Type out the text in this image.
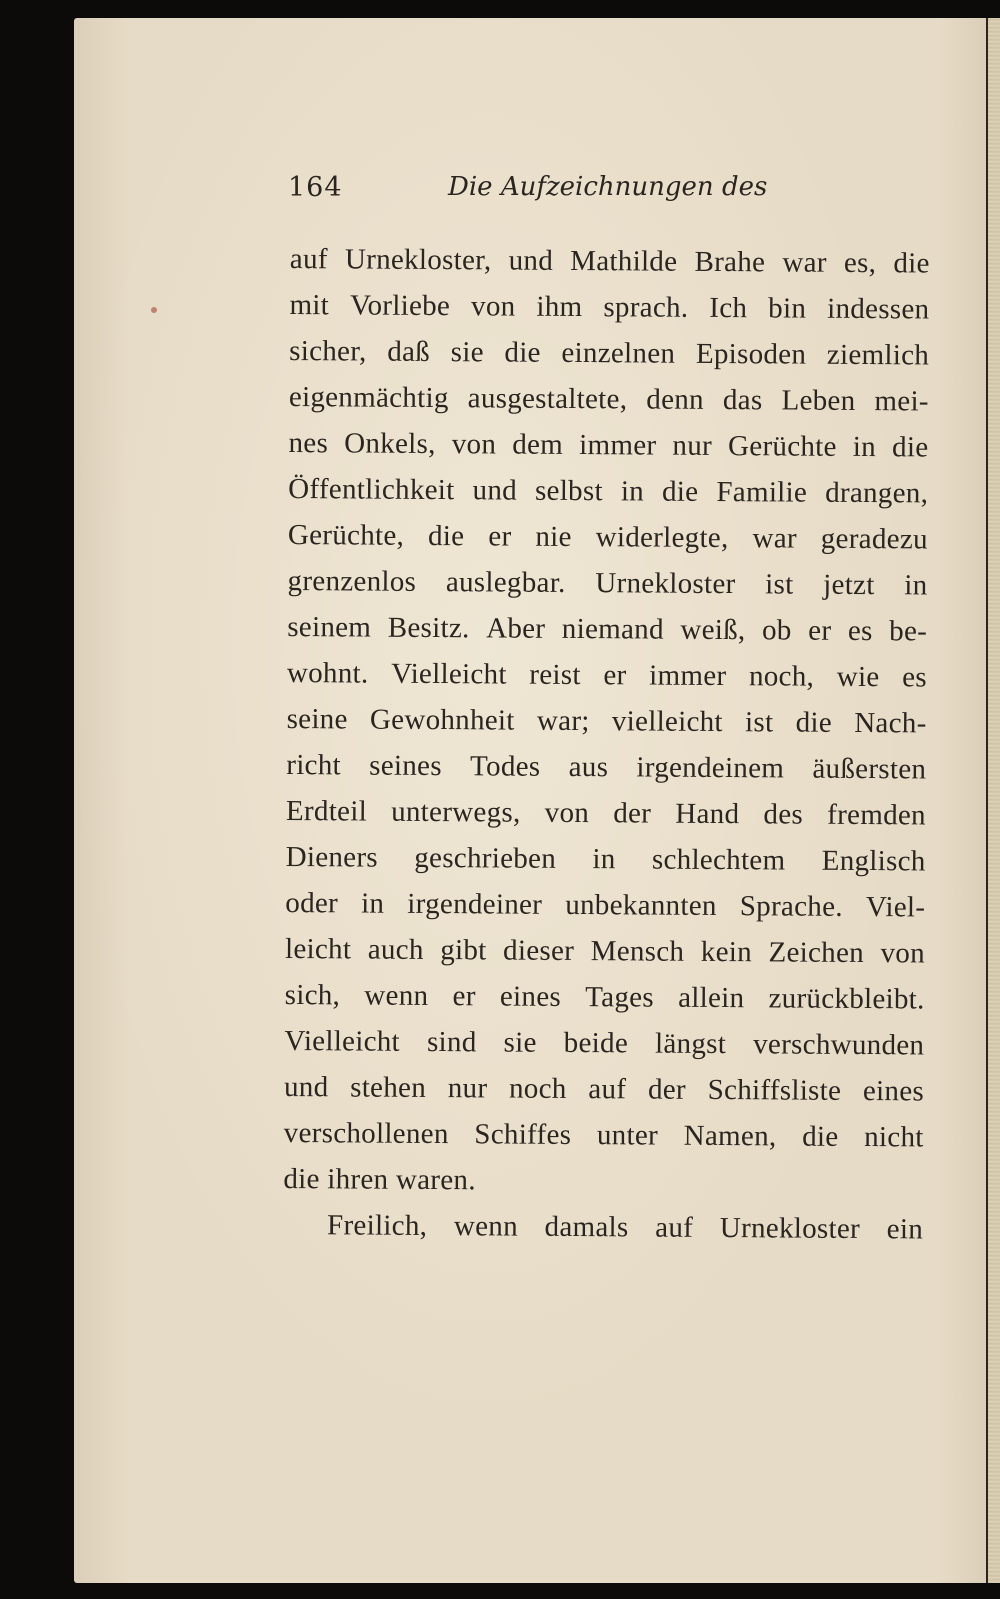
164	Die Aufzeichnungen des
auf Urnekloster, und Mathilde Brahe war es, die
mit Vorliebe von ihm sprach. Ich bin indessen
sicher, daß sie die einzelnen Episoden ziemlich
eigenmächtig ausgestaltete, denn das Leben mei-
nes Onkels, von dem immer nur Gerüchte in die
Öffentlichkeit und selbst in die Familie drangen,
Gerüchte, die er nie widerlegte, war geradezu
grenzenlos auslegbar. Urnekloster ist jetzt in
seinem Besitz. Aber niemand weiß, ob er es be-
wohnt. Vielleicht reist er immer noch, wie es
seine Gewohnheit war; vielleicht ist die Nach-
richt seines Todes aus irgendeinem äußersten
Erdteil unterwegs, von der Hand des fremden
Dieners geschrieben in schlechtem Englisch
oder in irgendeiner unbekannten Sprache. Viel-
leicht auch gibt dieser Mensch kein Zeichen von
sich, wenn er eines Tages allein zurückbleibt.
Vielleicht sind sie beide längst verschwunden
und stehen nur noch auf der Schiffsliste eines
verschollenen Schiffes unter Namen, die nicht
die ihren waren.
Freilich, wenn damals auf Urnekloster ein
